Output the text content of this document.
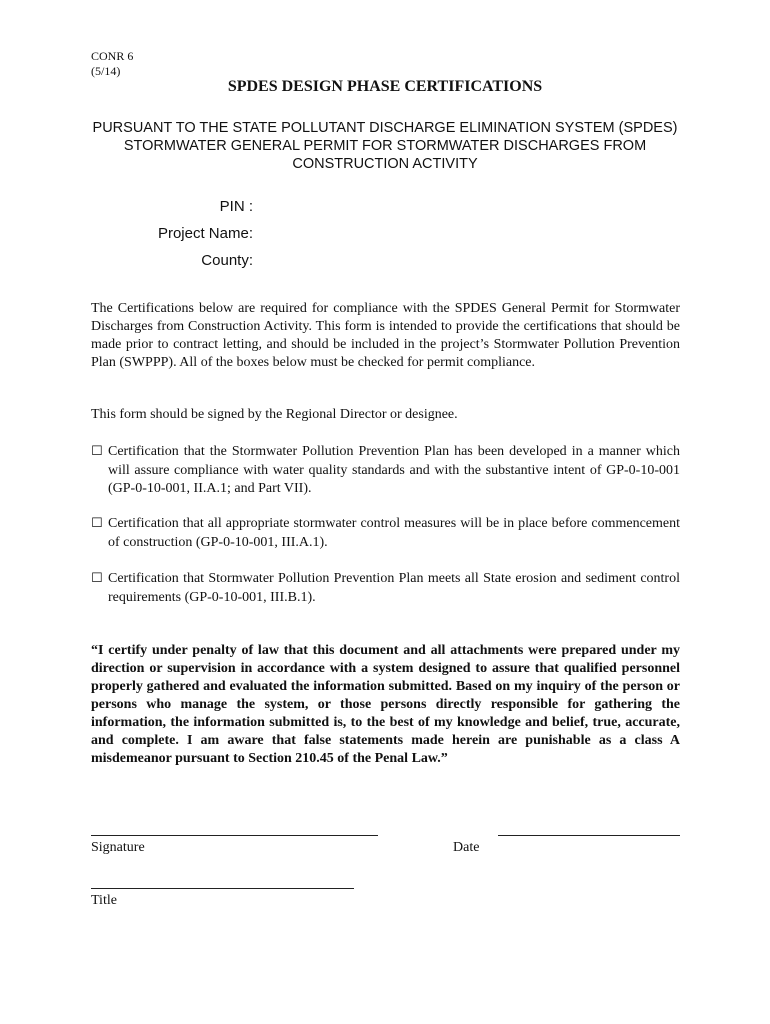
CONR 6
(5/14)
SPDES DESIGN PHASE CERTIFICATIONS
PURSUANT TO THE STATE POLLUTANT DISCHARGE ELIMINATION SYSTEM (SPDES) STORMWATER GENERAL PERMIT FOR STORMWATER DISCHARGES FROM CONSTRUCTION ACTIVITY
PIN :
Project Name:
County:
The Certifications below are required for compliance with the SPDES General Permit for Stormwater Discharges from Construction Activity. This form is intended to provide the certifications that should be made prior to contract letting, and should be included in the project’s Stormwater Pollution Prevention Plan (SWPPP). All of the boxes below must be checked for permit compliance.
This form should be signed by the Regional Director or designee.
☐ Certification that the Stormwater Pollution Prevention Plan has been developed in a manner which will assure compliance with water quality standards and with the substantive intent of GP-0-10-001 (GP-0-10-001, II.A.1; and Part VII).
☐ Certification that all appropriate stormwater control measures will be in place before commencement of construction (GP-0-10-001, III.A.1).
☐ Certification that Stormwater Pollution Prevention Plan meets all State erosion and sediment control requirements (GP-0-10-001, III.B.1).
“I certify under penalty of law that this document and all attachments were prepared under my direction or supervision in accordance with a system designed to assure that qualified personnel properly gathered and evaluated the information submitted. Based on my inquiry of the person or persons who manage the system, or those persons directly responsible for gathering the information, the information submitted is, to the best of my knowledge and belief, true, accurate, and complete. I am aware that false statements made herein are punishable as a class A misdemeanor pursuant to Section 210.45 of the Penal Law.”
Signature	Date
Title
